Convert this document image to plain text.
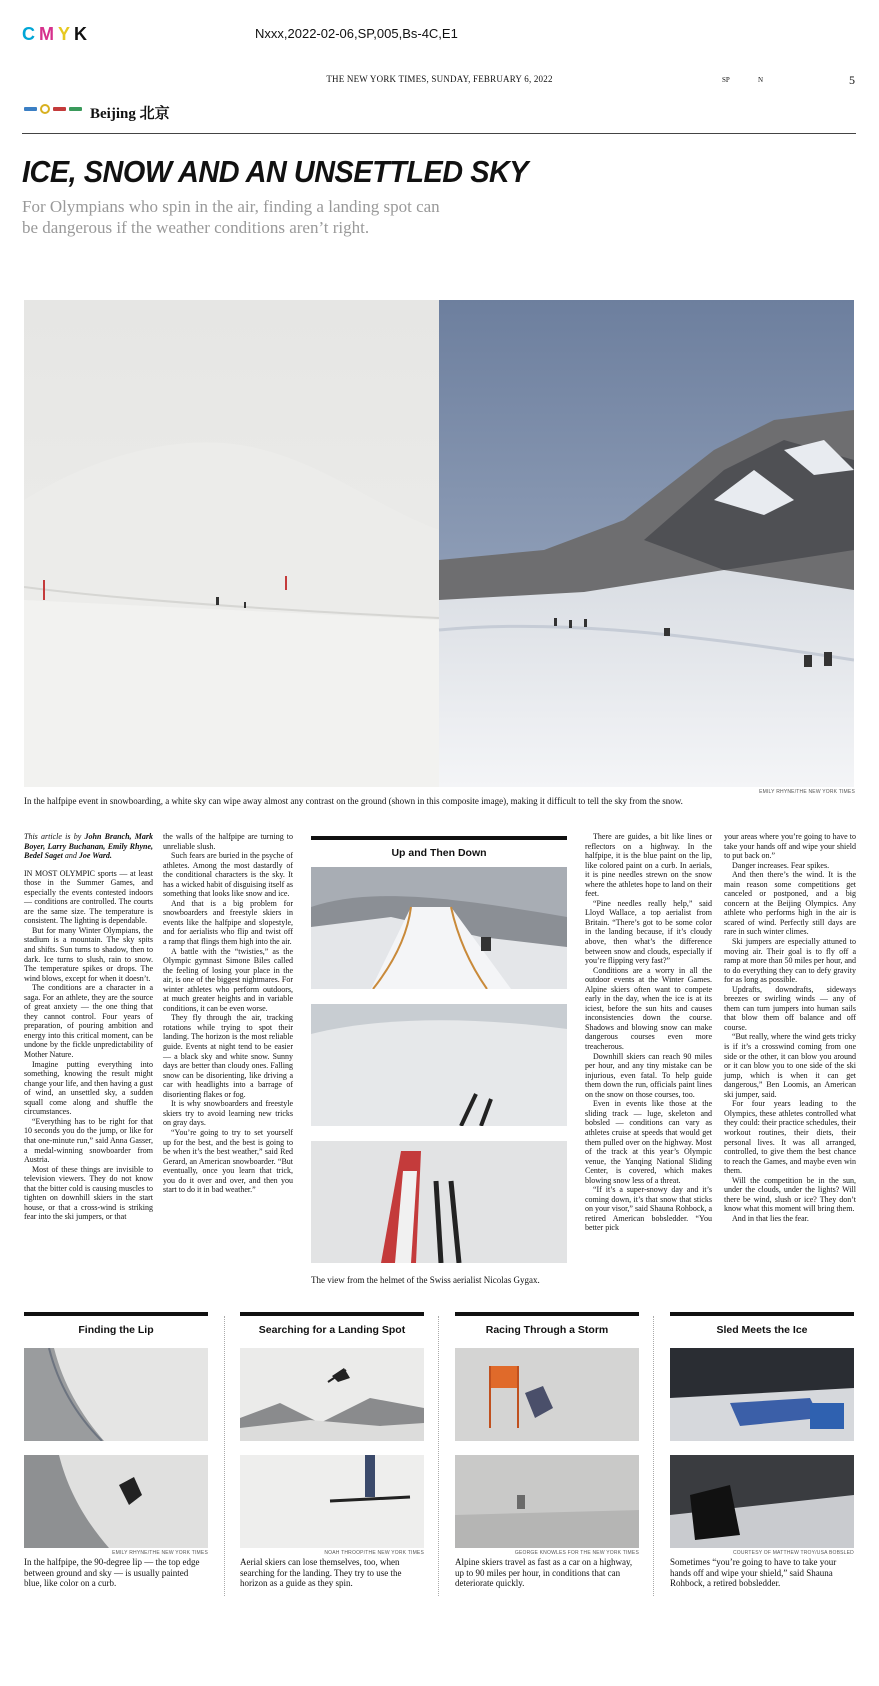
CMYK	Nxxx,2022-02-06,SP,005,Bs-4C,E1
THE NEW YORK TIMES, SUNDAY, FEBRUARY 6, 2022	SP	N	5
Beijing 北京
ICE, SNOW AND AN UNSETTLED SKY
For Olympians who spin in the air, finding a landing spot can be dangerous if the weather conditions aren’t right.
EMILY RHYNE/THE NEW YORK TIMES
In the halfpipe event in snowboarding, a white sky can wipe away almost any contrast on the ground (shown in this composite image), making it difficult to tell the sky from the snow.

This article is by John Branch, Mark Boyer, Larry Buchanan, Emily Rhyne, Bedel Saget and Joe Ward.

IN MOST OLYMPIC sports — at least those in the Summer Games, and especially the events contested indoors — conditions are controlled. The courts are the same size. The temperature is consistent. The lighting is dependable.

But for many Winter Olympians, the stadium is a mountain. The sky spits and shifts. Sun turns to shadow, then to dark. Ice turns to slush, rain to snow. The temperature spikes or drops. The wind blows, except for when it doesn’t.

The conditions are a character in a saga. For an athlete, they are the source of great anxiety — the one thing that they cannot control. Four years of preparation, of pouring ambition and energy into this critical moment, can be undone by the fickle unpredictability of Mother Nature.

Imagine putting everything into something, knowing the result might change your life, and then having a gust of wind, an unsettled sky, a sudden squall come along and shuffle the circumstances.

“Everything has to be right for that 10 seconds you do the jump, or like for that one-minute run,” said Anna Gasser, a medal-winning snowboarder from Austria.

Most of these things are invisible to television viewers. They do not know that the bitter cold is causing muscles to tighten on downhill skiers in the start house, or that a cross-wind is striking fear into the ski jumpers, or that

the walls of the halfpipe are turning to unreliable slush.

Such fears are buried in the psyche of athletes. Among the most dastardly of the conditional characters is the sky. It has a wicked habit of disguising itself as something that looks like snow and ice.

And that is a big problem for snowboarders and freestyle skiers in events like the halfpipe and slopestyle, and for aerialists who flip and twist off a ramp that flings them high into the air.

A battle with the “twisties,” as the Olympic gymnast Simone Biles called the feeling of losing your place in the air, is one of the biggest nightmares. For winter athletes who perform outdoors, at much greater heights and in variable conditions, it can be even worse.

They fly through the air, tracking rotations while trying to spot their landing. The horizon is the most reliable guide. Events at night tend to be easier — a black sky and white snow. Sunny days are better than cloudy ones. Falling snow can be disorienting, like driving a car with headlights into a barrage of disorienting flakes or fog.

It is why snowboarders and freestyle skiers try to avoid learning new tricks on gray days.

“You’re going to try to set yourself up for the best, and the best is going to be when it’s the best weather,” said Red Gerard, an American snowboarder. “But eventually, once you learn that trick, you do it over and over, and then you start to do it in bad weather.”

Up and Then Down
The view from the helmet of the Swiss aerialist Nicolas Gygax.

There are guides, a bit like lines or reflectors on a highway. In the halfpipe, it is the blue paint on the lip, like colored paint on a curb. In aerials, it is pine needles strewn on the snow where the athletes hope to land on their feet.

“Pine needles really help,” said Lloyd Wallace, a top aerialist from Britain. “There’s got to be some color in the landing because, if it’s cloudy above, then what’s the difference between snow and clouds, especially if you’re flipping very fast?”

Conditions are a worry in all the outdoor events at the Winter Games. Alpine skiers often want to compete early in the day, when the ice is at its iciest, before the sun hits and causes inconsistencies down the course. Shadows and blowing snow can make dangerous courses even more treacherous.

Downhill skiers can reach 90 miles per hour, and any tiny mistake can be injurious, even fatal. To help guide them down the run, officials paint lines on the snow on those courses, too.

Even in events like those at the sliding track — luge, skeleton and bobsled — conditions can vary as athletes cruise at speeds that would get them pulled over on the highway. Most of the track at this year’s Olympic venue, the Yanqing National Sliding Center, is covered, which makes blowing snow less of a threat.

“If it’s a super-snowy day and it’s coming down, it’s that snow that sticks on your visor,” said Shauna Rohbock, a retired American bobsledder. “You better pick

your areas where you’re going to have to take your hands off and wipe your shield to put back on.”

Danger increases. Fear spikes.

And then there’s the wind. It is the main reason some competitions get canceled or postponed, and a big concern at the Beijing Olympics. Any athlete who performs high in the air is scared of wind. Perfectly still days are rare in such winter climes.

Ski jumpers are especially attuned to moving air. Their goal is to fly off a ramp at more than 50 miles per hour, and to do everything they can to defy gravity for as long as possible.

Updrafts, downdrafts, sideways breezes or swirling winds — any of them can turn jumpers into human sails that blow them off balance and off course.

“But really, where the wind gets tricky is if it’s a crosswind coming from one side or the other, it can blow you around or it can blow you to one side of the ski jump, which is when it can get dangerous,” Ben Loomis, an American ski jumper, said.

For four years leading to the Olympics, these athletes controlled what they could: their practice schedules, their workout routines, their diets, their personal lives. It was all arranged, controlled, to give them the best chance to reach the Games, and maybe even win them.

Will the competition be in the sun, under the clouds, under the lights? Will there be wind, slush or ice? They don’t know what this moment will bring them.

And in that lies the fear.

Finding the Lip
EMILY RHYNE/THE NEW YORK TIMES

In the halfpipe, the 90-degree lip — the top edge between ground and sky — is usually painted blue, like color on a curb.

Searching for a Landing Spot
NOAH THROOP/THE NEW YORK TIMES

Aerial skiers can lose themselves, too, when searching for the landing. They try to use the horizon as a guide as they spin.

Racing Through a Storm
GEORGE KNOWLES FOR THE NEW YORK TIMES

Alpine skiers travel as fast as a car on a highway, up to 90 miles per hour, in conditions that can deteriorate quickly.

Sled Meets the Ice
COURTESY OF MATTHEW TROY/USA BOBSLED

Sometimes “you’re going to have to take your hands off and wipe your shield,” said Shauna Rohbock, a retired bobsledder.
